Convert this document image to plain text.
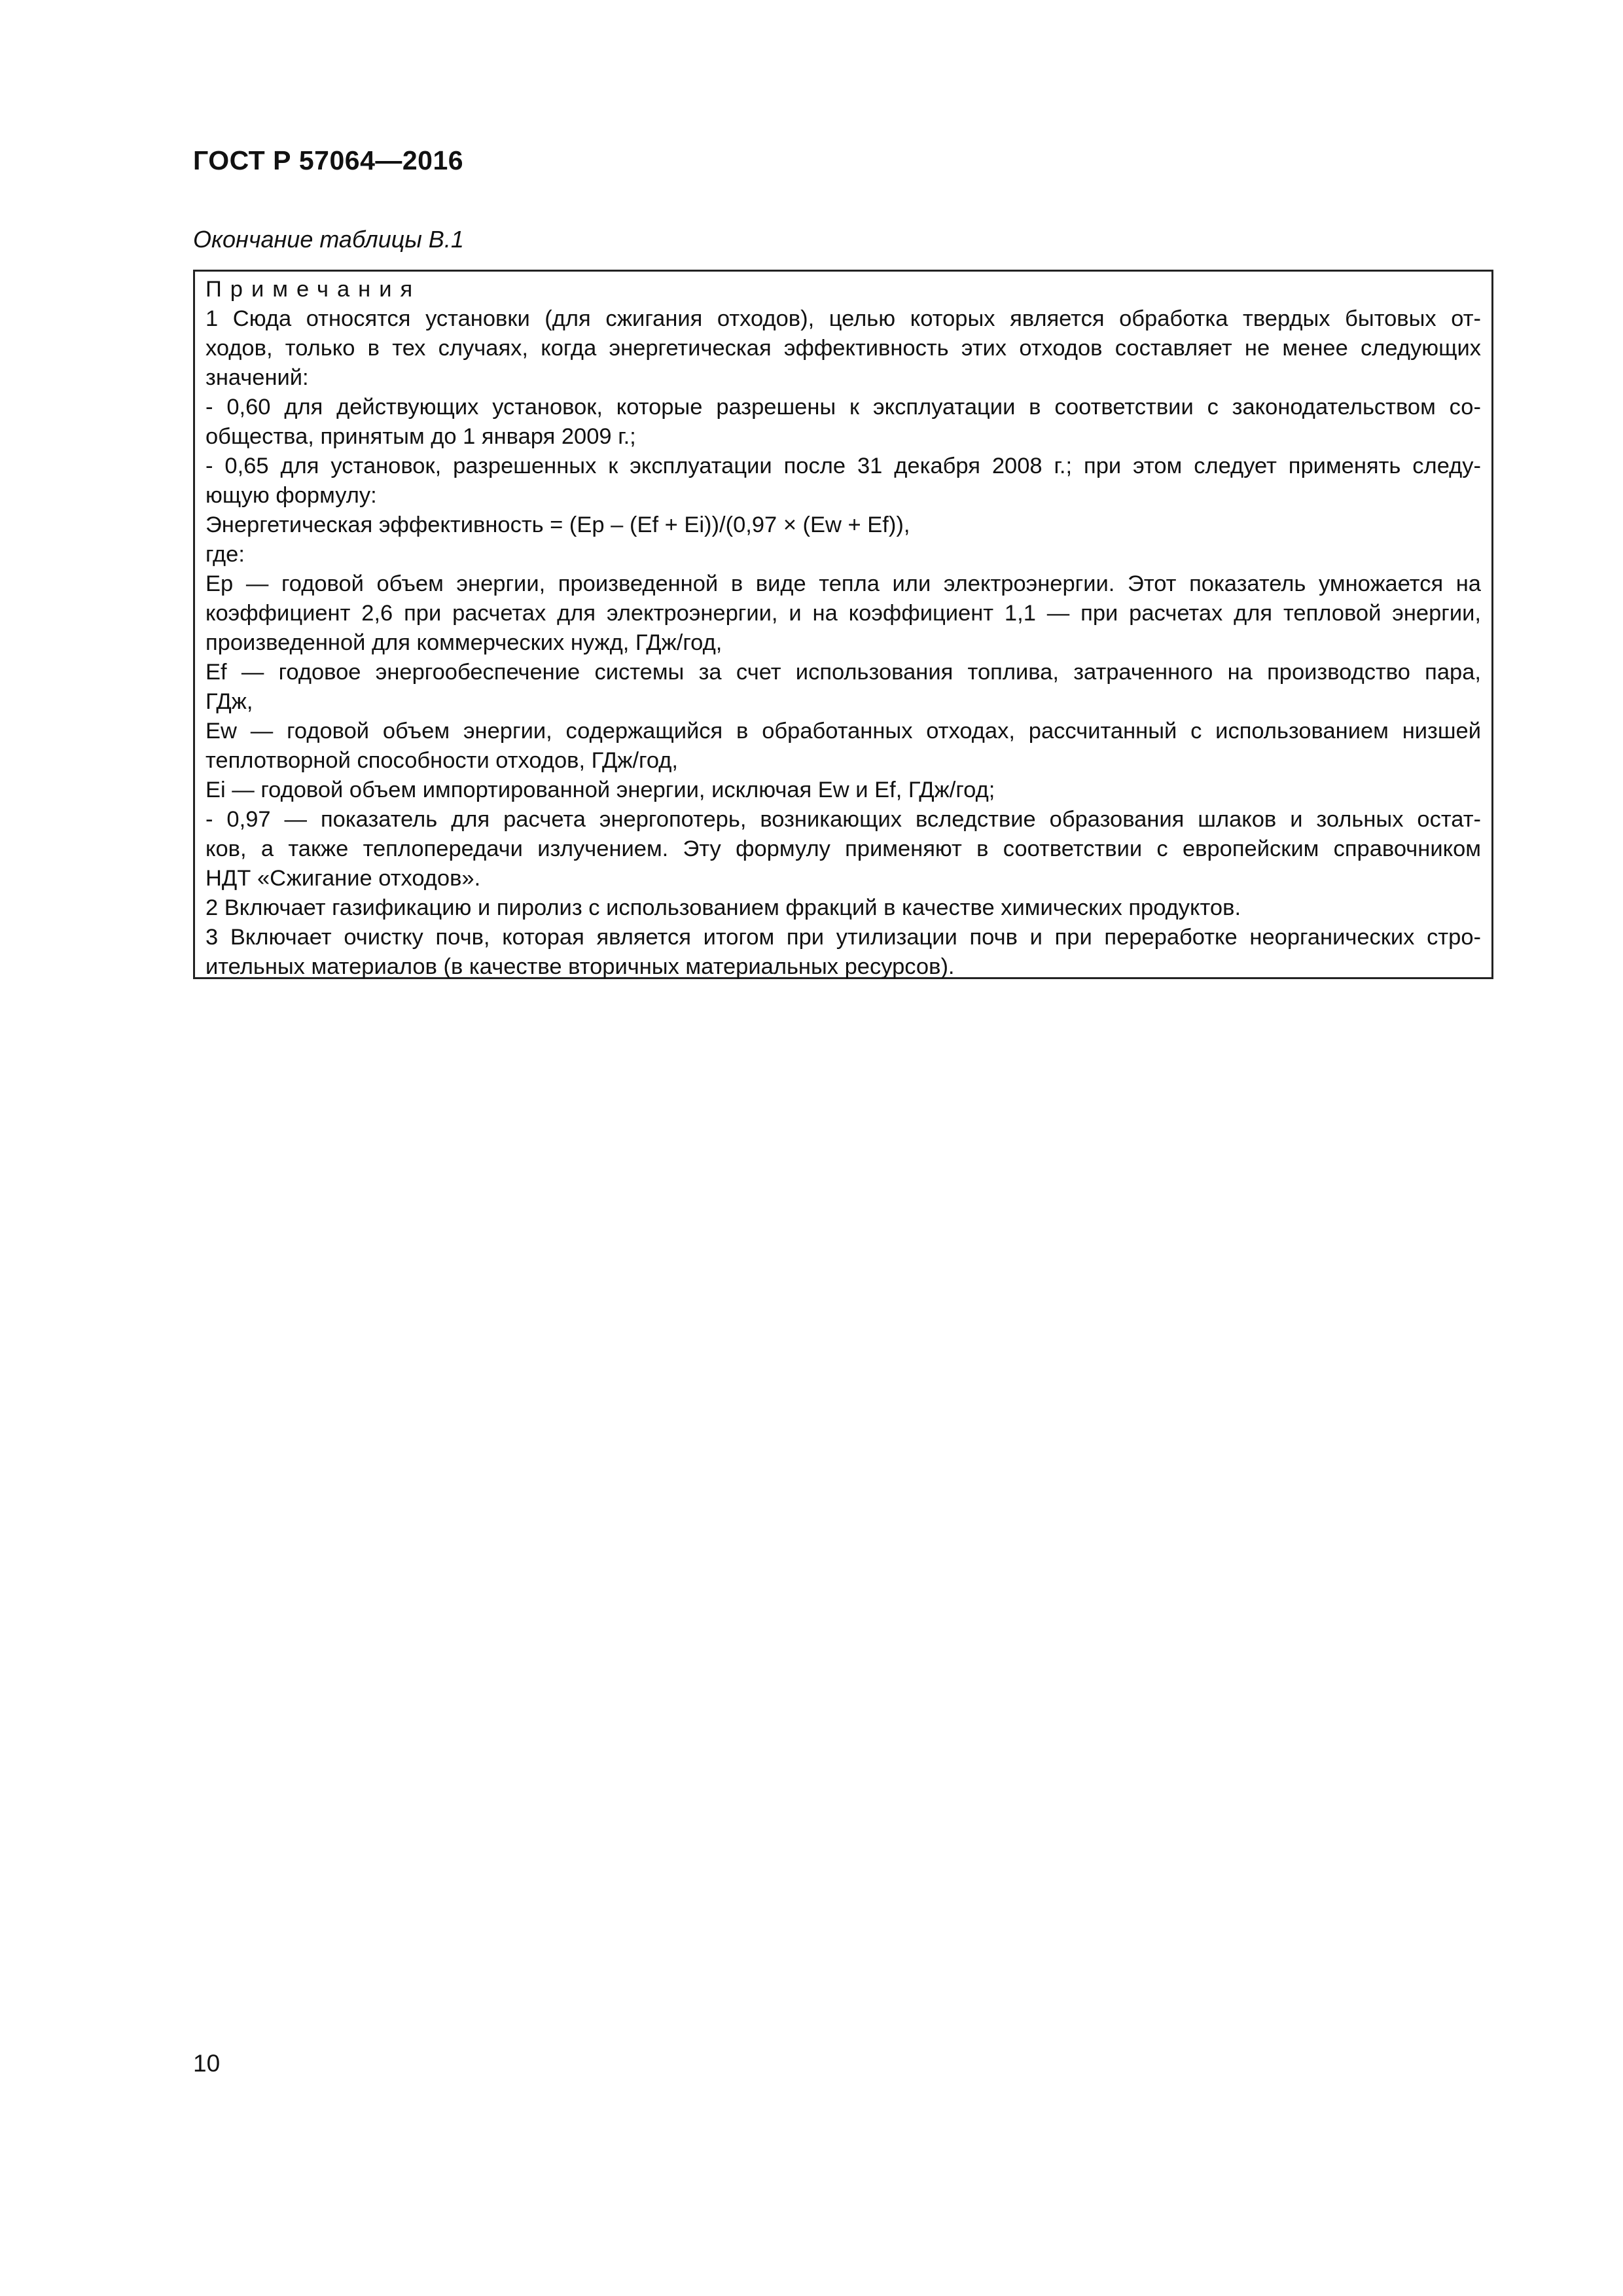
ГОСТ Р 57064—2016
Окончание таблицы В.1
Примечания
1 Сюда относятся установки (для сжигания отходов), целью которых является обработка твердых бытовых от-
ходов, только в тех случаях, когда энергетическая эффективность этих отходов составляет не менее следующих
значений:
- 0,60 для действующих установок, которые разрешены к эксплуатации в соответствии с законодательством со-
общества, принятым до 1 января 2009 г.;
- 0,65 для установок, разрешенных к эксплуатации после 31 декабря 2008 г.; при этом следует применять следу-
ющую формулу:
Энергетическая эффективность = (Ер – (Ef + Ei))/(0,97 × (Ew + Ef)),
где:
Ер — годовой объем энергии, произведенной в виде тепла или электроэнергии. Этот показатель умножается на
коэффициент 2,6 при расчетах для электроэнергии, и на коэффициент 1,1 — при расчетах для тепловой энергии,
произведенной для коммерческих нужд, ГДж/год,
Ef — годовое энергообеспечение системы за счет использования топлива, затраченного на производство пара,
ГДж,
Ew — годовой объем энергии, содержащийся в обработанных отходах, рассчитанный с использованием низшей
теплотворной способности отходов, ГДж/год,
Ei — годовой объем импортированной энергии, исключая Ew и Ef, ГДж/год;
- 0,97 — показатель для расчета энергопотерь, возникающих вследствие образования шлаков и зольных остат-
ков, а также теплопередачи излучением. Эту формулу применяют в соответствии с европейским справочником
НДТ «Сжигание отходов».
2 Включает газификацию и пиролиз с использованием фракций в качестве химических продуктов.
3 Включает очистку почв, которая является итогом при утилизации почв и при переработке неорганических стро-
ительных материалов (в качестве вторичных материальных ресурсов).
10
